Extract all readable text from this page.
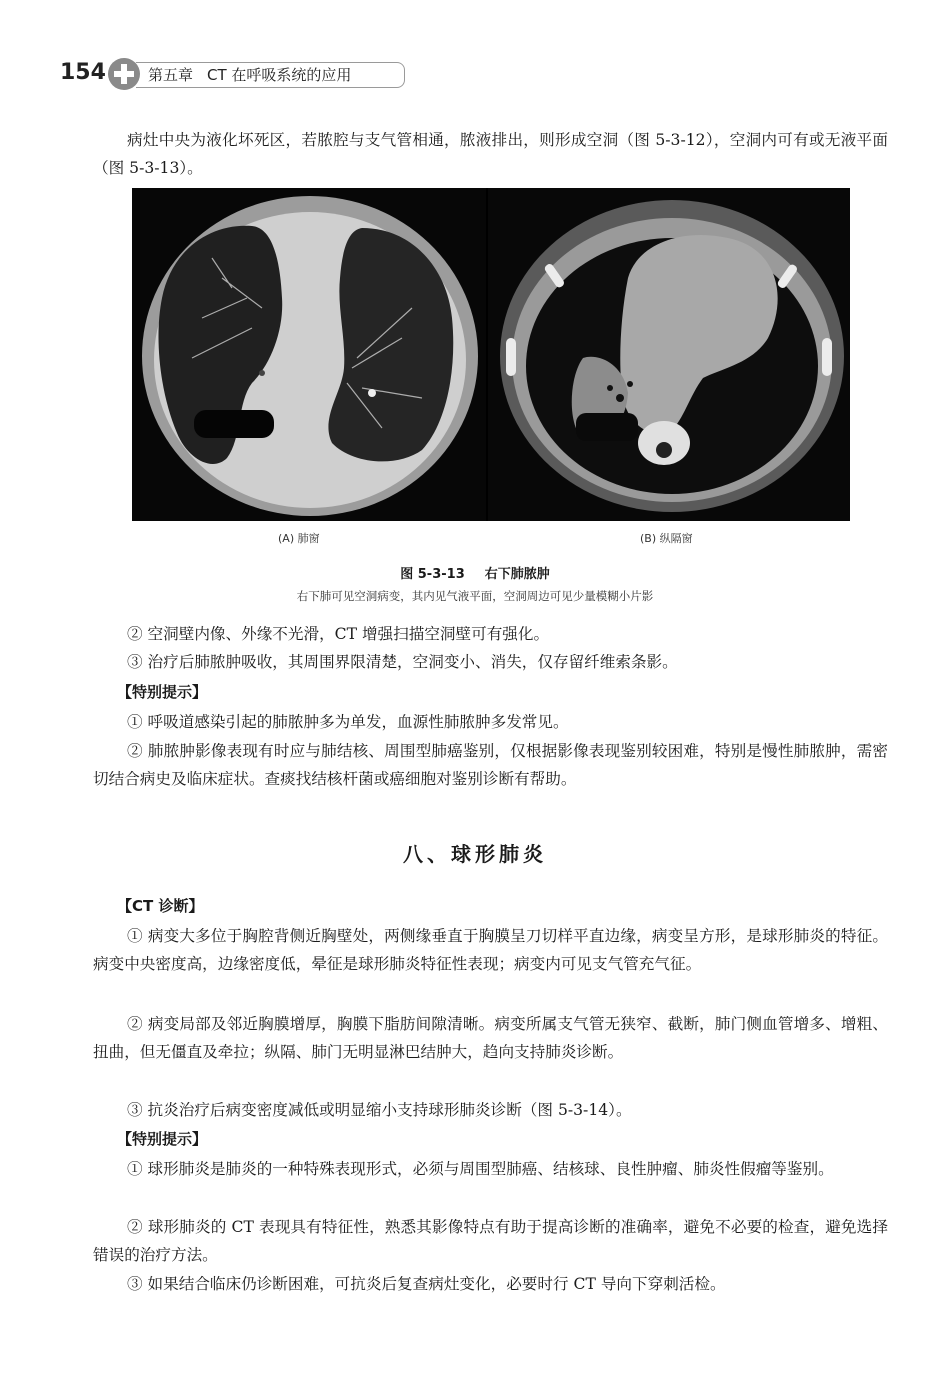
154	第五章 CT 在呼吸系统的应用

病灶中央为液化坏死区，若脓腔与支气管相通，脓液排出，则形成空洞（图 5-3-12），空洞内可有或无液平面（图 5-3-13）。

(A) 肺窗	(B) 纵隔窗
图 5-3-13 右下肺脓肿
右下肺可见空洞病变，其内见气液平面，空洞周边可见少量模糊小片影

② 空洞壁内像、外缘不光滑，CT 增强扫描空洞壁可有强化。

③ 治疗后肺脓肿吸收，其周围界限清楚，空洞变小、消失，仅存留纤维索条影。

【特别提示】

① 呼吸道感染引起的肺脓肿多为单发，血源性肺脓肿多发常见。

② 肺脓肿影像表现有时应与肺结核、周围型肺癌鉴别，仅根据影像表现鉴别较困难，特别是慢性肺脓肿，需密切结合病史及临床症状。查痰找结核杆菌或癌细胞对鉴别诊断有帮助。

八、球形肺炎
【CT 诊断】

① 病变大多位于胸腔背侧近胸壁处，两侧缘垂直于胸膜呈刀切样平直边缘，病变呈方形，是球形肺炎的特征。病变中央密度高，边缘密度低，晕征是球形肺炎特征性表现；病变内可见支气管充气征。

② 病变局部及邻近胸膜增厚，胸膜下脂肪间隙清晰。病变所属支气管无狭窄、截断，肺门侧血管增多、增粗、扭曲，但无僵直及牵拉；纵隔、肺门无明显淋巴结肿大，趋向支持肺炎诊断。

③ 抗炎治疗后病变密度减低或明显缩小支持球形肺炎诊断（图 5-3-14）。

【特别提示】

① 球形肺炎是肺炎的一种特殊表现形式，必须与周围型肺癌、结核球、良性肿瘤、肺炎性假瘤等鉴别。

② 球形肺炎的 CT 表现具有特征性，熟悉其影像特点有助于提高诊断的准确率，避免不必要的检查，避免选择错误的治疗方法。

③ 如果结合临床仍诊断困难，可抗炎后复查病灶变化，必要时行 CT 导向下穿刺活检。
